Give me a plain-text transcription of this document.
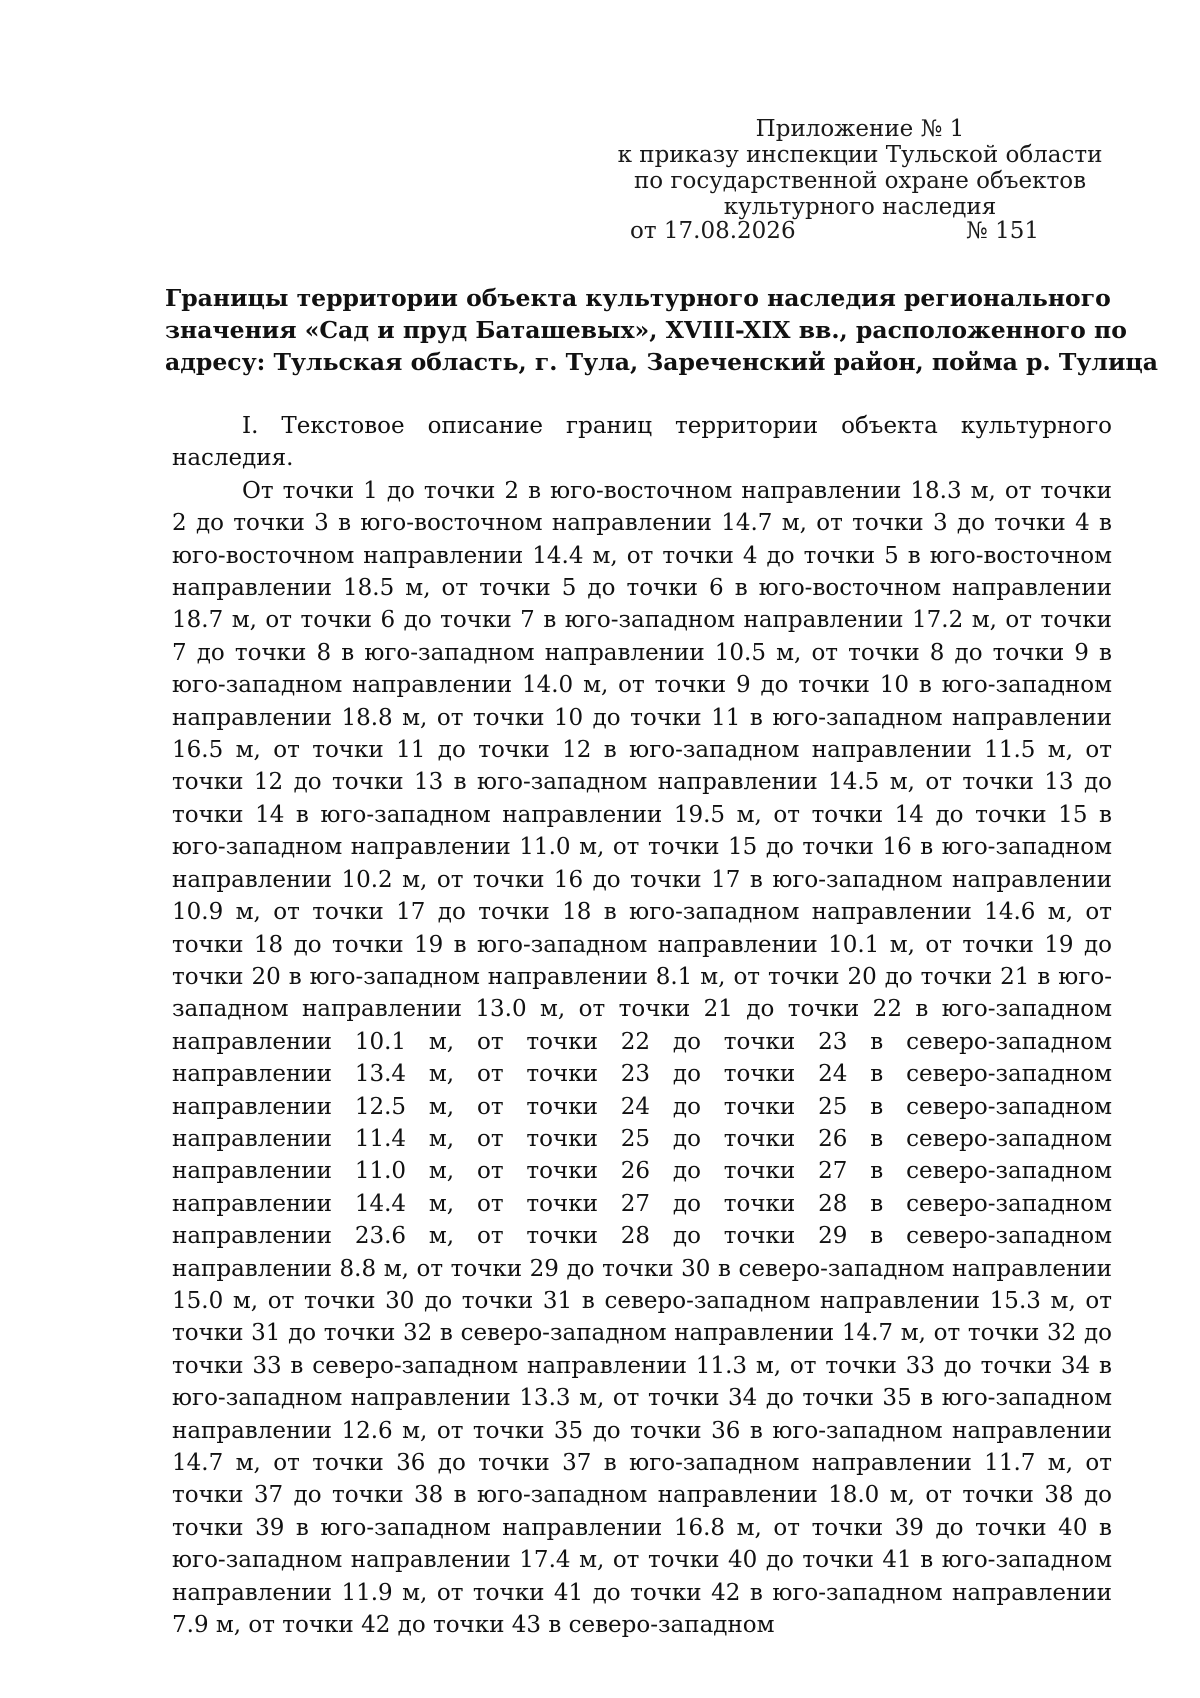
Приложение № 1
к приказу инспекции Тульской области
по государственной охране объектов
культурного наследия
от 17.08.2026	№ 151
Границы территории объекта культурного наследия регионального
значения «Сад и пруд Баташевых», XVIII-XIX вв., расположенного по
адресу: Тульская область, г. Тула, Зареченский район, пойма р. Тулица

I. Текстовое описание границ территории объекта культурного наследия.

От точки 1 до точки 2 в юго-восточном направлении 18.3 м, от точки 2 до точки 3 в юго-восточном направлении 14.7 м, от точки 3 до точки 4 в юго-восточном направлении 14.4 м, от точки 4 до точки 5 в юго-восточном направлении 18.5 м, от точки 5 до точки 6 в юго-восточном направлении 18.7 м, от точки 6 до точки 7 в юго-западном направлении 17.2 м, от точки 7 до точки 8 в юго-западном направлении 10.5 м, от точки 8 до точки 9 в юго-западном направлении 14.0 м, от точки 9 до точки 10 в юго-западном направлении 18.8 м, от точки 10 до точки 11 в юго-западном направлении 16.5 м, от точки 11 до точки 12 в юго-западном направлении 11.5 м, от точки 12 до точки 13 в юго-западном направлении 14.5 м, от точки 13 до точки 14 в юго-западном направлении 19.5 м, от точки 14 до точки 15 в юго-западном направлении 11.0 м, от точки 15 до точки 16 в юго-западном направлении 10.2 м, от точки 16 до точки 17 в юго-западном направлении 10.9 м, от точки 17 до точки 18 в юго-западном направлении 14.6 м, от точки 18 до точки 19 в юго-западном направлении 10.1 м, от точки 19 до точки 20 в юго-западном направлении 8.1 м, от точки 20 до точки 21 в юго-западном направлении 13.0 м, от точки 21 до точки 22 в юго-западном направлении 10.1 м, от точки 22 до точки 23 в северо-западном направлении 13.4 м, от точки 23 до точки 24 в северо-западном направлении 12.5 м, от точки 24 до точки 25 в северо-западном направлении 11.4 м, от точки 25 до точки 26 в северо-западном направлении 11.0 м, от точки 26 до точки 27 в северо-западном направлении 14.4 м, от точки 27 до точки 28 в северо-западном направлении 23.6 м, от точки 28 до точки 29 в северо-западном направлении 8.8 м, от точки 29 до точки 30 в северо-западном направлении 15.0 м, от точки 30 до точки 31 в северо-западном направлении 15.3 м, от точки 31 до точки 32 в северо-западном направлении 14.7 м, от точки 32 до точки 33 в северо-западном направлении 11.3 м, от точки 33 до точки 34 в юго-западном направлении 13.3 м, от точки 34 до точки 35 в юго-западном направлении 12.6 м, от точки 35 до точки 36 в юго-западном направлении 14.7 м, от точки 36 до точки 37 в юго-западном направлении 11.7 м, от точки 37 до точки 38 в юго-западном направлении 18.0 м, от точки 38 до точки 39 в юго-западном направлении 16.8 м, от точки 39 до точки 40 в юго-западном направлении 17.4 м, от точки 40 до точки 41 в юго-западном направлении 11.9 м, от точки 41 до точки 42 в юго-западном направлении 7.9 м, от точки 42 до точки 43 в северо-западном
